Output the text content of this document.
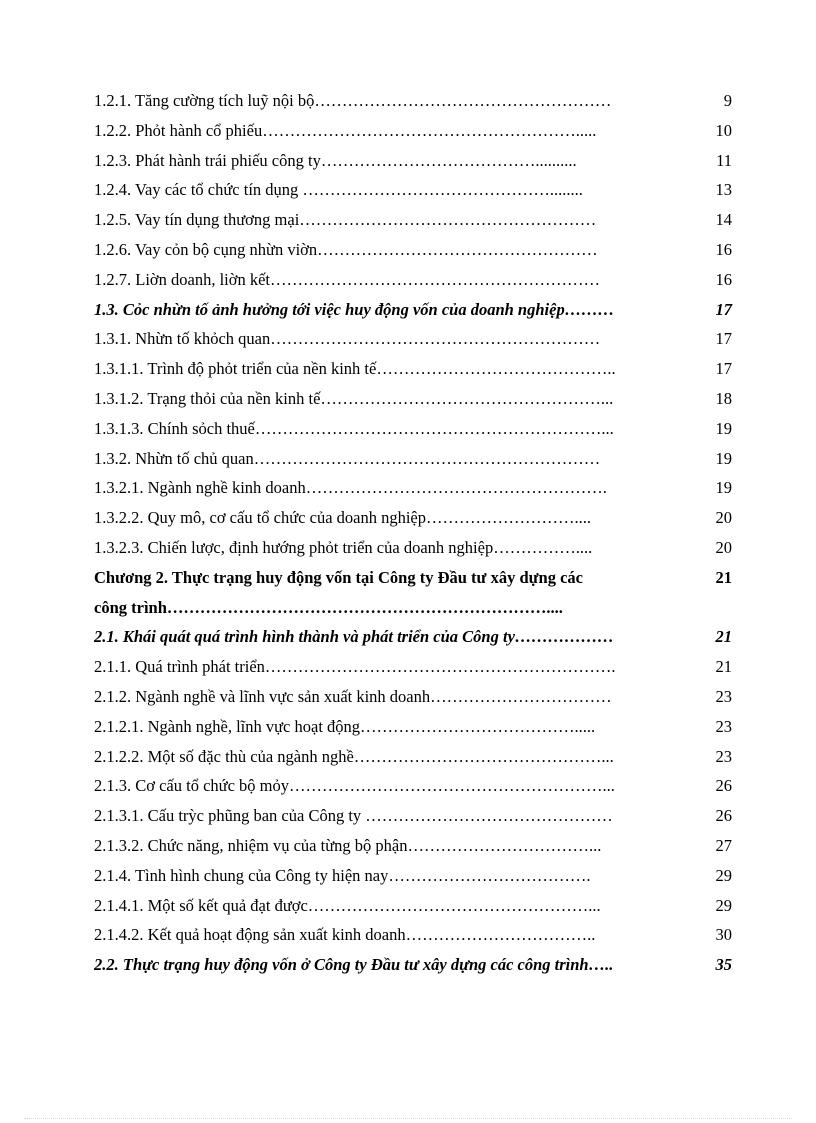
1.2.1. Tăng cường tích luỹ nội bộ………………………………………………	9
1.2.2. Phỏt hành cổ phiếu………………………………………………….....	10
1.2.3. Phát hành trái phiếu công ty…………………………………..........	11
1.2.4. Vay các tổ chức tín dụng ………………………………………........	13
1.2.5. Vay tín dụng thương mại………………………………………………	14
1.2.6. Vay cỏn bộ cụng nhừn viờn……………………………………………	16
1.2.7. Liờn doanh, liờn kết……………………………………………………	16
1.3. Cỏc nhừn tố ảnh hưởng tới việc huy động vốn của doanh nghiệp………	17
1.3.1. Nhừn tố khỏch quan……………………………………………………	17
1.3.1.1. Trình độ phỏt triển của nền kinh tế……………………………………..	17
1.3.1.2. Trạng thỏi của nền kinh tế……………………………………………...	18
1.3.1.3. Chính sỏch thuế………………………………………………………...	19
1.3.2. Nhừn tố chủ quan………………………………………………………	19
1.3.2.1. Ngành nghề kinh doanh……………………………………………….	19
1.3.2.2. Quy mô, cơ cấu tổ chức của doanh nghiệp………………………....	20
1.3.2.3. Chiến lược, định hướng phỏt triển của doanh nghiệp……………....	20
Chương 2. Thực trạng huy động vốn tại Công ty Đầu tư xây dựng các	21
công trình……………………………………………………………....
2.1. Khái quát quá trình hình thành và phát triển của Công ty………………	21
2.1.1. Quá trình phát triển……………………………………………………….	21
2.1.2. Ngành nghề và lĩnh vực sản xuất kinh doanh……………………………	23
2.1.2.1. Ngành nghề, lĩnh vực hoạt động………………………………….....	23
2.1.2.2. Một số đặc thù của ngành nghề………………………………………...	23
2.1.3. Cơ cấu tổ chức bộ mỏy…………………………………………………...	26
2.1.3.1. Cấu trỳc phũng ban của Công ty ………………………………………	26
2.1.3.2. Chức năng, nhiệm vụ của từng bộ phận……………………………...	27
2.1.4. Tình hình chung của Công ty hiện nay……………………………….	29
2.1.4.1. Một số kết quả đạt được……………………………………………...	29
2.1.4.2. Kết quả hoạt động sản xuất kinh doanh……………………………..	30
2.2. Thực trạng huy động vốn ở Công ty Đầu tư xây dựng các công trình…..	35
